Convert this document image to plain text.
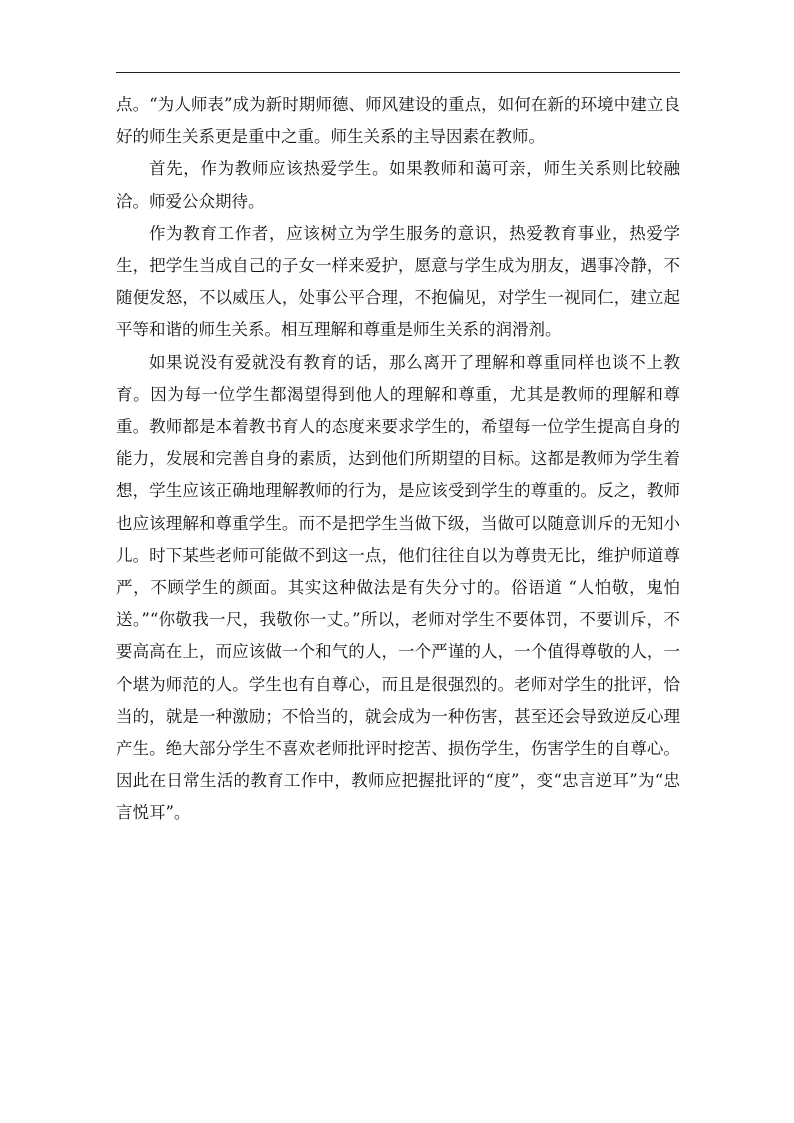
点。“为人师表”成为新时期师德、师风建设的重点，如何在新的环境中建立良好的师生关系更是重中之重。师生关系的主导因素在教师。

首先，作为教师应该热爱学生。如果教师和蔼可亲，师生关系则比较融洽。师爱公众期待。

作为教育工作者，应该树立为学生服务的意识，热爱教育事业，热爱学生，把学生当成自己的子女一样来爱护，愿意与学生成为朋友，遇事冷静，不随便发怒，不以威压人，处事公平合理，不抱偏见，对学生一视同仁，建立起平等和谐的师生关系。相互理解和尊重是师生关系的润滑剂。

如果说没有爱就没有教育的话，那么离开了理解和尊重同样也谈不上教育。因为每一位学生都渴望得到他人的理解和尊重，尤其是教师的理解和尊重。教师都是本着教书育人的态度来要求学生的，希望每一位学生提高自身的能力，发展和完善自身的素质，达到他们所期望的目标。这都是教师为学生着想，学生应该正确地理解教师的行为，是应该受到学生的尊重的。反之，教师也应该理解和尊重学生。而不是把学生当做下级，当做可以随意训斥的无知小儿。时下某些老师可能做不到这一点，他们往往自以为尊贵无比，维护师道尊严，不顾学生的颜面。其实这种做法是有失分寸的。俗语道 “人怕敬，鬼怕送。”“你敬我一尺，我敬你一丈。”所以，老师对学生不要体罚，不要训斥，不要高高在上，而应该做一个和气的人，一个严谨的人，一个值得尊敬的人，一个堪为师范的人。学生也有自尊心，而且是很强烈的。老师对学生的批评，恰当的，就是一种激励；不恰当的，就会成为一种伤害，甚至还会导致逆反心理产生。绝大部分学生不喜欢老师批评时挖苦、损伤学生，伤害学生的自尊心。因此在日常生活的教育工作中，教师应把握批评的“度”，变“忠言逆耳”为“忠言悦耳”。
